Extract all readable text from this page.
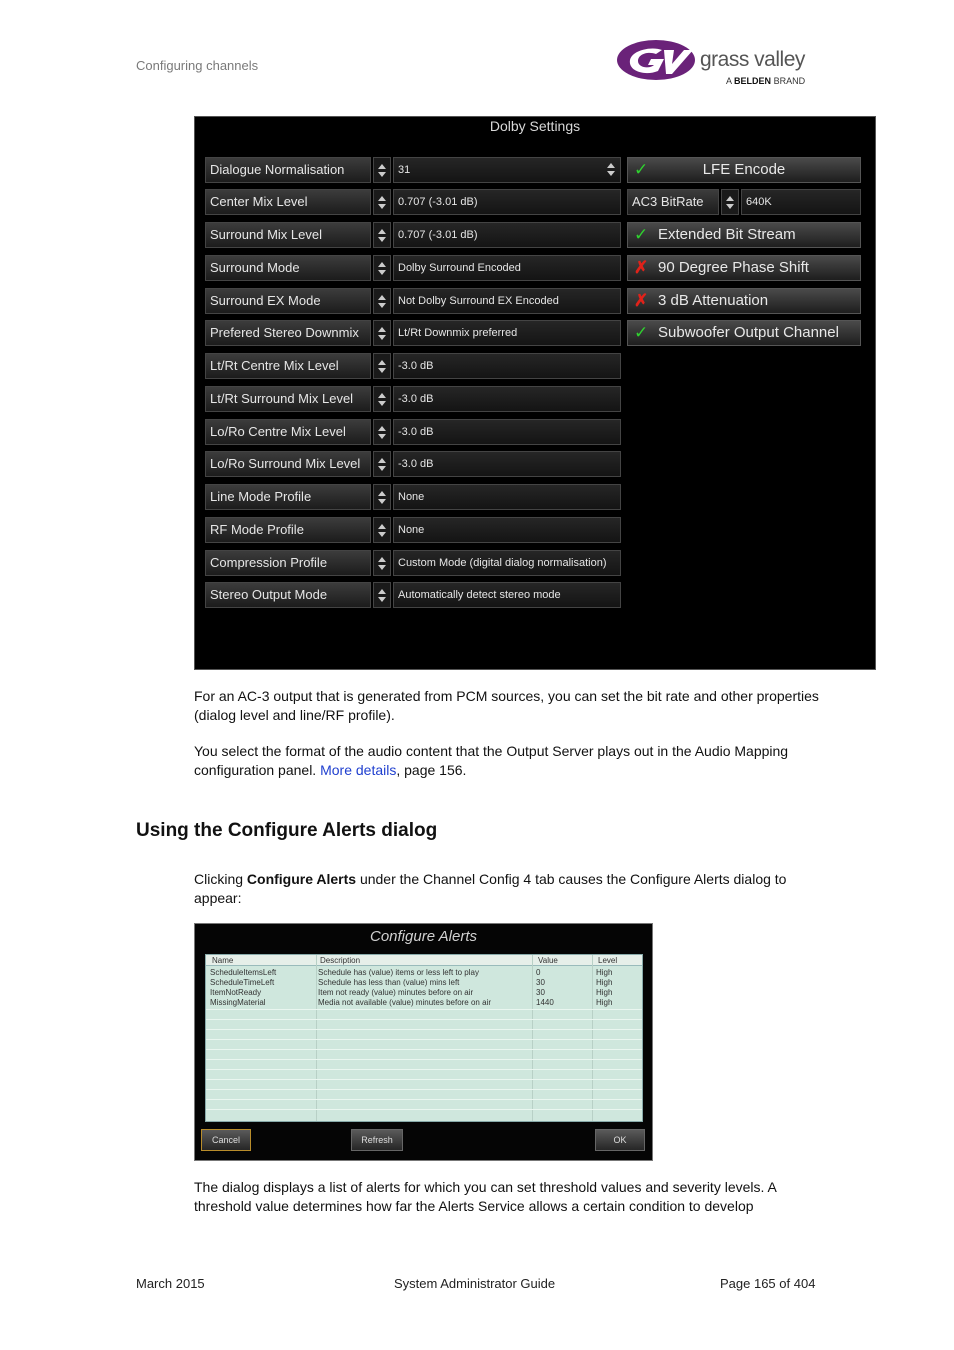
Configuring channels	grass valley
A BELDEN BRAND
Dolby Settings
Dialogue Normalisation	31
Center Mix Level	0.707 (-3.01 dB)
Surround Mix Level	0.707 (-3.01 dB)
Surround Mode	Dolby Surround Encoded
Surround EX Mode	Not Dolby Surround EX Encoded
Prefered Stereo Downmix	Lt/Rt Downmix preferred
Lt/Rt Centre Mix Level	-3.0 dB
Lt/Rt Surround Mix Level	-3.0 dB
Lo/Ro Centre Mix Level	-3.0 dB
Lo/Ro Surround Mix Level	-3.0 dB
Line Mode Profile	None
RF Mode Profile	None
Compression Profile	Custom Mode (digital dialog normalisation)
Stereo Output Mode	Automatically detect stereo mode
✓	LFE Encode
AC3 BitRate	640K
✓ Extended Bit Stream
✗ 90 Degree Phase Shift
✗ 3 dB Attenuation
✓ Subwoofer Output Channel

For an AC-3 output that is generated from PCM sources, you can set the bit rate and other properties (dialog level and line/RF profile).

You select the format of the audio content that the Output Server plays out in the Audio Mapping configuration panel. More details, page 156.

Using the Configure Alerts dialog

Clicking Configure Alerts under the Channel Config 4 tab causes the Configure Alerts dialog to appear:

Configure Alerts
Name	Description	Value	Level
ScheduleItemsLeft	Schedule has (value) items or less left to play	0	High
ScheduleTimeLeft	Schedule has less than (value) mins left	30	High
ItemNotReady	Item not ready (value) minutes before on air	30	High
MissingMaterial	Media not available (value) minutes before on air	1440	High
Cancel	Refresh	OK

The dialog displays a list of alerts for which you can set threshold values and severity levels. A threshold value determines how far the Alerts Service allows a certain condition to develop

March 2015	System Administrator Guide	Page 165 of 404
